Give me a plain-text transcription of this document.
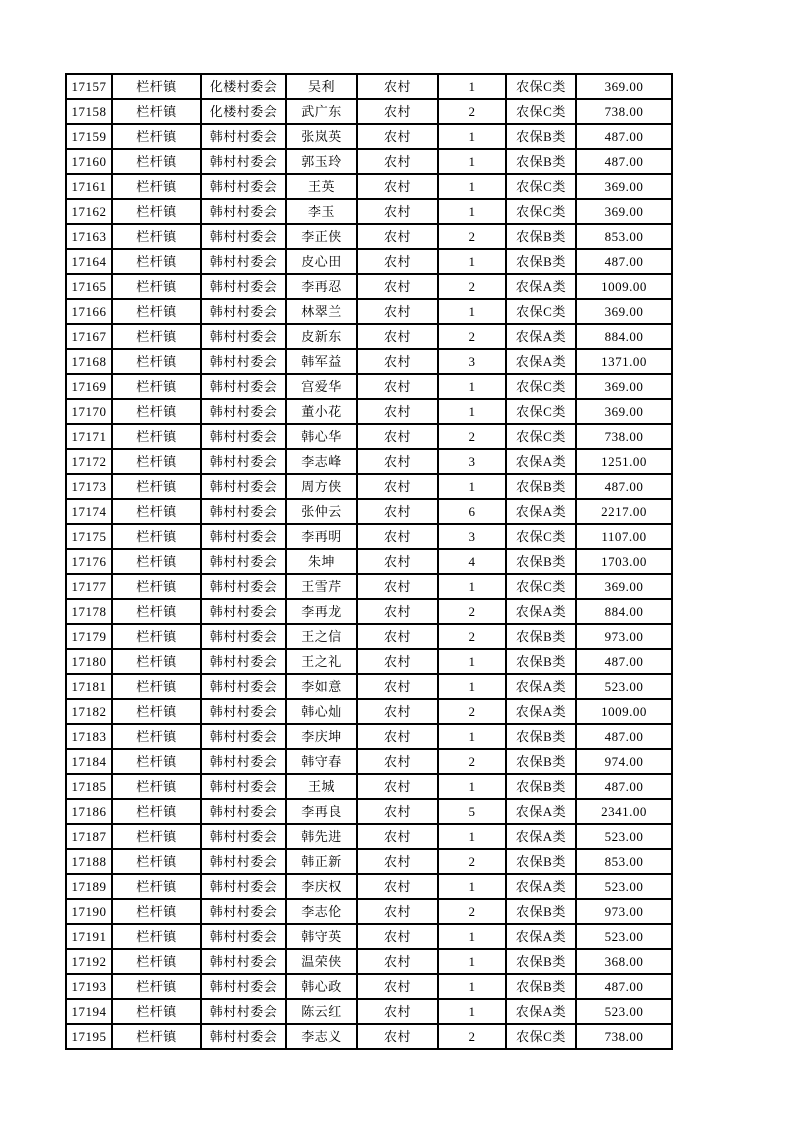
17157	栏杆镇	化楼村委会	吴利	农村	1	农保C类	369.00
17158	栏杆镇	化楼村委会	武广东	农村	2	农保C类	738.00
17159	栏杆镇	韩村村委会	张岚英	农村	1	农保B类	487.00
17160	栏杆镇	韩村村委会	郭玉玲	农村	1	农保B类	487.00
17161	栏杆镇	韩村村委会	王英	农村	1	农保C类	369.00
17162	栏杆镇	韩村村委会	李玉	农村	1	农保C类	369.00
17163	栏杆镇	韩村村委会	李正侠	农村	2	农保B类	853.00
17164	栏杆镇	韩村村委会	皮心田	农村	1	农保B类	487.00
17165	栏杆镇	韩村村委会	李再忍	农村	2	农保A类	1009.00
17166	栏杆镇	韩村村委会	林翠兰	农村	1	农保C类	369.00
17167	栏杆镇	韩村村委会	皮新东	农村	2	农保A类	884.00
17168	栏杆镇	韩村村委会	韩军益	农村	3	农保A类	1371.00
17169	栏杆镇	韩村村委会	宫爱华	农村	1	农保C类	369.00
17170	栏杆镇	韩村村委会	董小花	农村	1	农保C类	369.00
17171	栏杆镇	韩村村委会	韩心华	农村	2	农保C类	738.00
17172	栏杆镇	韩村村委会	李志峰	农村	3	农保A类	1251.00
17173	栏杆镇	韩村村委会	周方侠	农村	1	农保B类	487.00
17174	栏杆镇	韩村村委会	张仲云	农村	6	农保A类	2217.00
17175	栏杆镇	韩村村委会	李再明	农村	3	农保C类	1107.00
17176	栏杆镇	韩村村委会	朱坤	农村	4	农保B类	1703.00
17177	栏杆镇	韩村村委会	王雪芹	农村	1	农保C类	369.00
17178	栏杆镇	韩村村委会	李再龙	农村	2	农保A类	884.00
17179	栏杆镇	韩村村委会	王之信	农村	2	农保B类	973.00
17180	栏杆镇	韩村村委会	王之礼	农村	1	农保B类	487.00
17181	栏杆镇	韩村村委会	李如意	农村	1	农保A类	523.00
17182	栏杆镇	韩村村委会	韩心灿	农村	2	农保A类	1009.00
17183	栏杆镇	韩村村委会	李庆坤	农村	1	农保B类	487.00
17184	栏杆镇	韩村村委会	韩守春	农村	2	农保B类	974.00
17185	栏杆镇	韩村村委会	王城	农村	1	农保B类	487.00
17186	栏杆镇	韩村村委会	李再良	农村	5	农保A类	2341.00
17187	栏杆镇	韩村村委会	韩先进	农村	1	农保A类	523.00
17188	栏杆镇	韩村村委会	韩正新	农村	2	农保B类	853.00
17189	栏杆镇	韩村村委会	李庆权	农村	1	农保A类	523.00
17190	栏杆镇	韩村村委会	李志伦	农村	2	农保B类	973.00
17191	栏杆镇	韩村村委会	韩守英	农村	1	农保A类	523.00
17192	栏杆镇	韩村村委会	温荣侠	农村	1	农保B类	368.00
17193	栏杆镇	韩村村委会	韩心政	农村	1	农保B类	487.00
17194	栏杆镇	韩村村委会	陈云红	农村	1	农保A类	523.00
17195	栏杆镇	韩村村委会	李志义	农村	2	农保C类	738.00
